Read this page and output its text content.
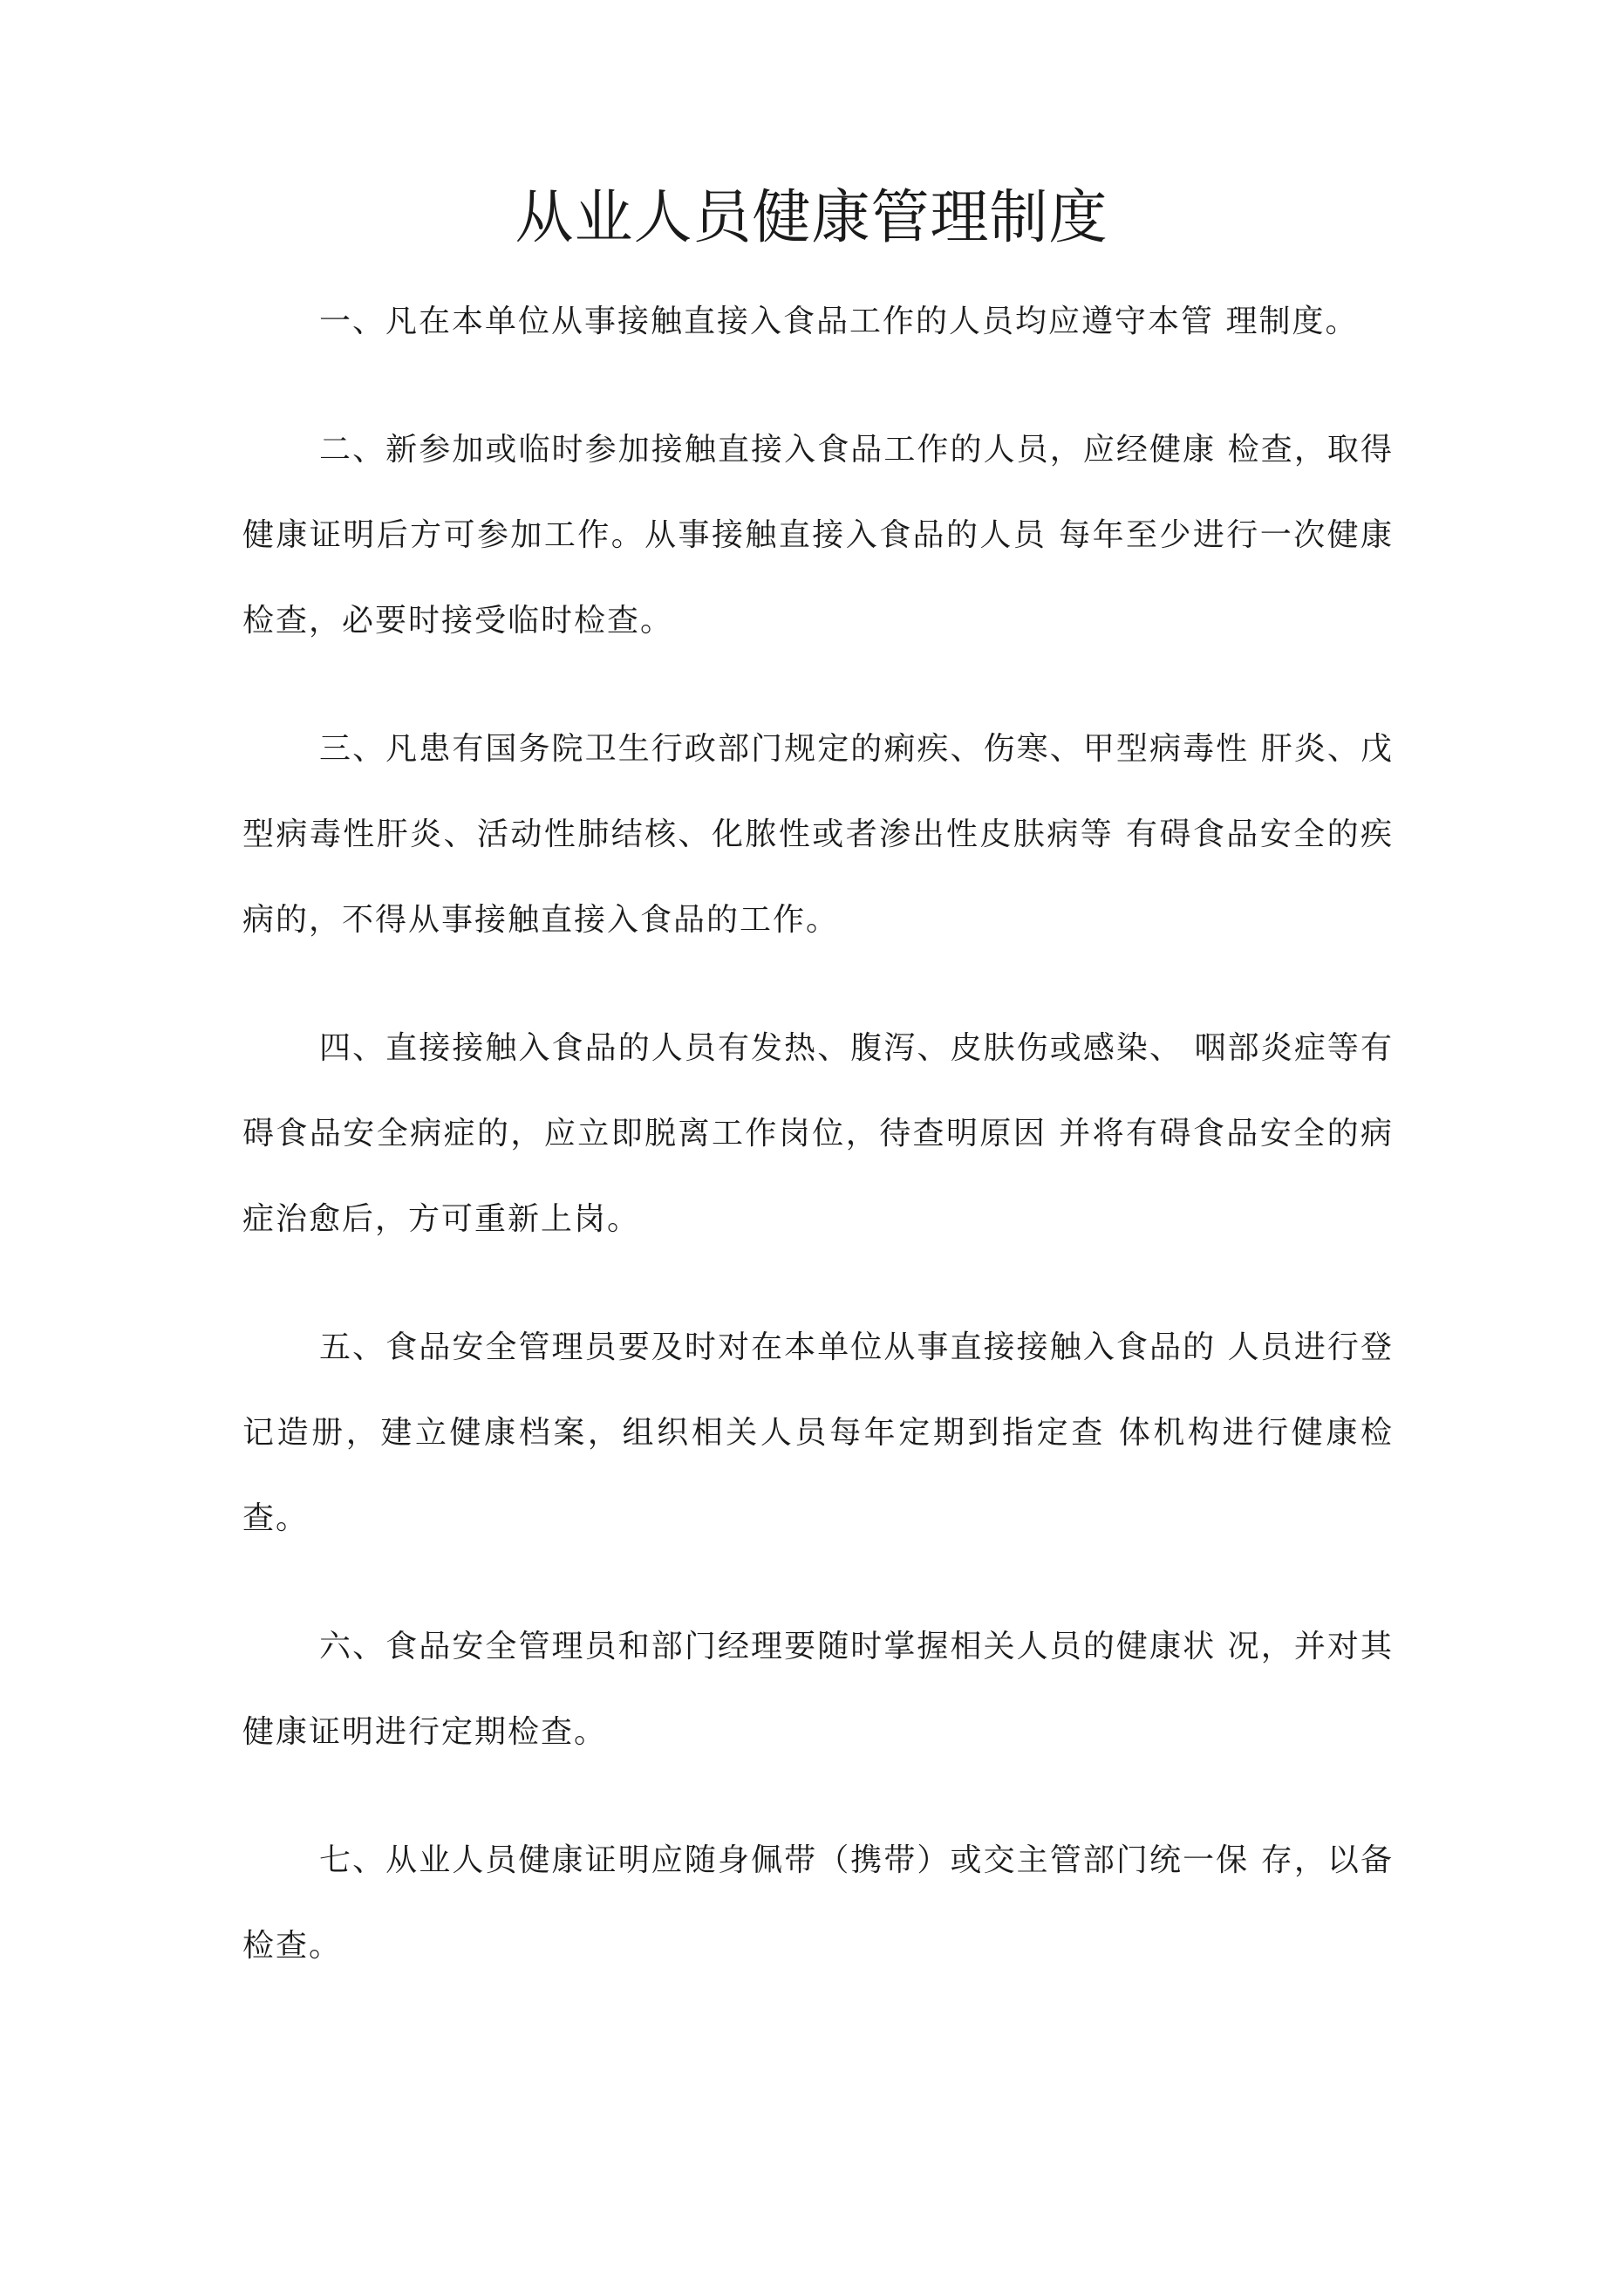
从业人员健康管理制度

一、凡在本单位从事接触直接入食品工作的人员均应遵守本管 理制度。

二、新参加或临时参加接触直接入食品工作的人员，应经健康 检查，取得健康证明后方可参加工作。从事接触直接入食品的人员 每年至少进行一次健康检查，必要时接受临时检查。

三、凡患有国务院卫生行政部门规定的痢疾、伤寒、甲型病毒性 肝炎、戊型病毒性肝炎、活动性肺结核、化脓性或者渗出性皮肤病等 有碍食品安全的疾病的，不得从事接触直接入食品的工作。

四、直接接触入食品的人员有发热、腹泻、皮肤伤或感染、 咽部炎症等有碍食品安全病症的，应立即脱离工作岗位，待查明原因 并将有碍食品安全的病症治愈后，方可重新上岗。

五、食品安全管理员要及时对在本单位从事直接接触入食品的 人员进行登记造册，建立健康档案，组织相关人员每年定期到指定查 体机构进行健康检查。

六、食品安全管理员和部门经理要随时掌握相关人员的健康状 况，并对其健康证明进行定期检查。

七、从业人员健康证明应随身佩带（携带）或交主管部门统一保 存，以备检查。
